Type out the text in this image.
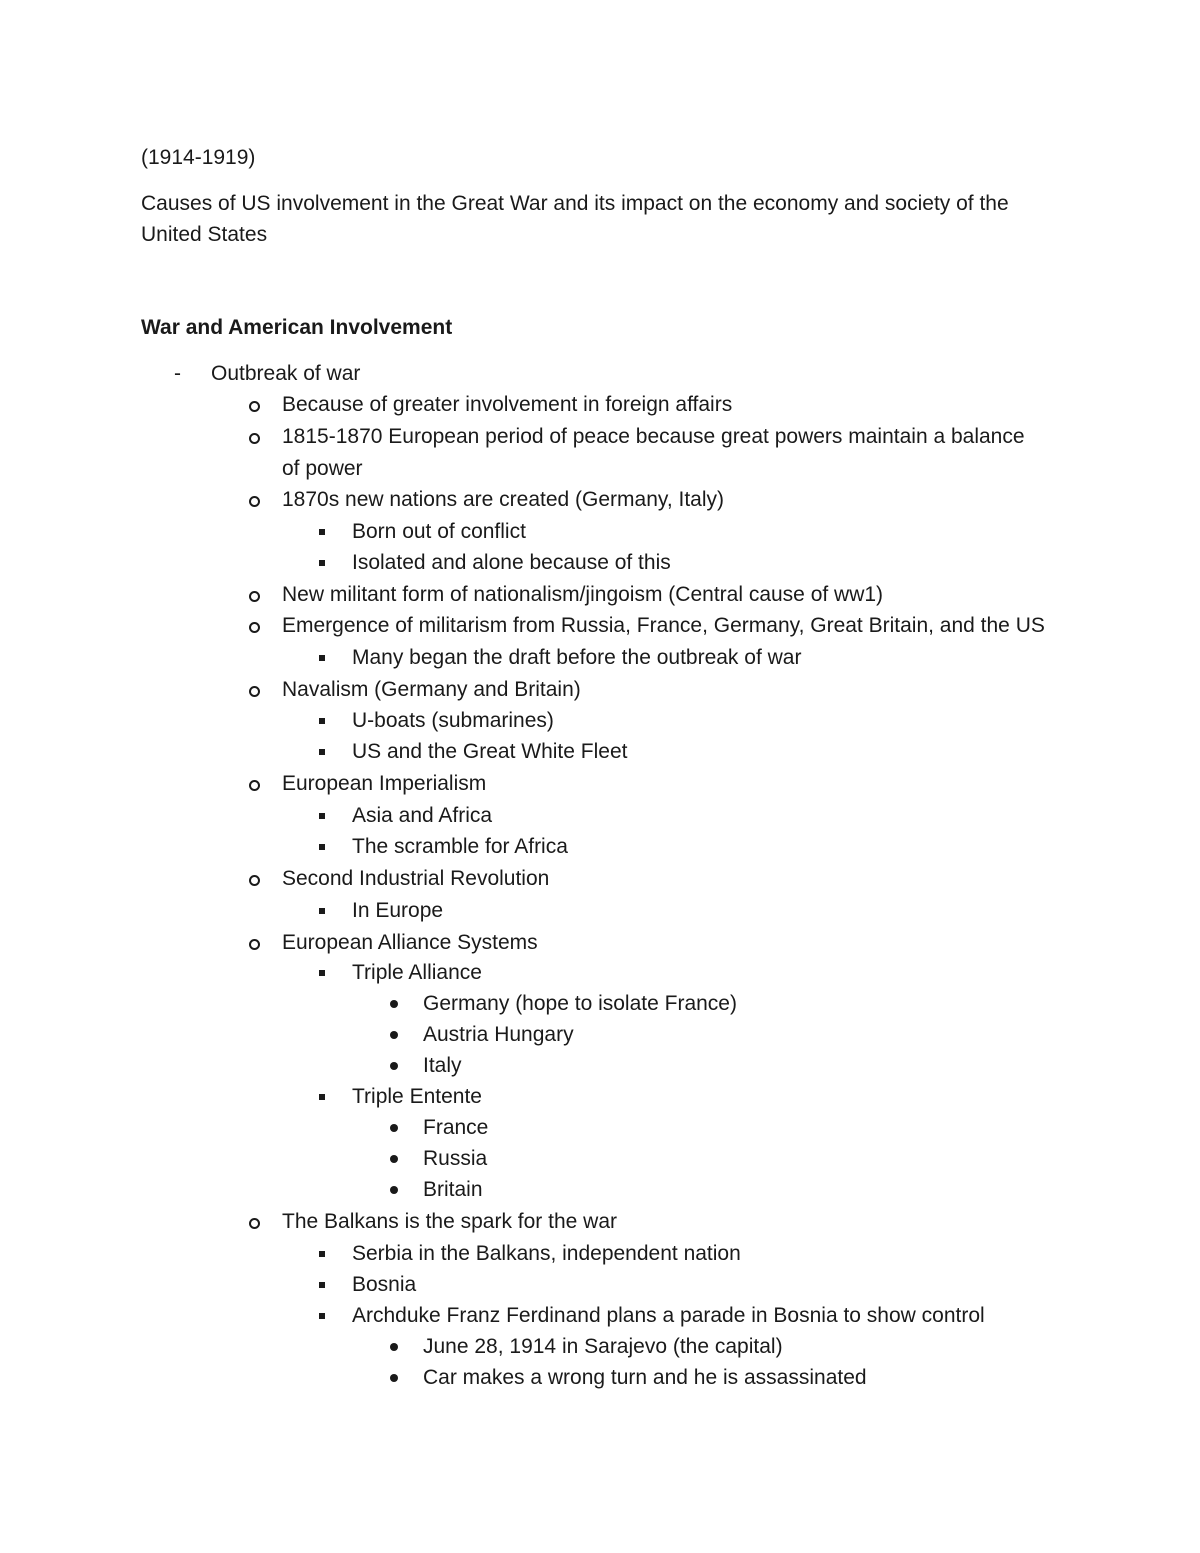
(1914-1919)
Causes of US involvement in the Great War and its impact on the economy and society of the
United States
War and American Involvement
- Outbreak of war
Because of greater involvement in foreign affairs
1815-1870 European period of peace because great powers maintain a balance
of power
1870s new nations are created (Germany, Italy)
Born out of conflict
Isolated and alone because of this
New militant form of nationalism/jingoism (Central cause of ww1)
Emergence of militarism from Russia, France, Germany, Great Britain, and the US
Many began the draft before the outbreak of war
Navalism (Germany and Britain)
U-boats (submarines)
US and the Great White Fleet
European Imperialism
Asia and Africa
The scramble for Africa
Second Industrial Revolution
In Europe
European Alliance Systems
Triple Alliance
Germany (hope to isolate France)
Austria Hungary
Italy
Triple Entente
France
Russia
Britain
The Balkans is the spark for the war
Serbia in the Balkans, independent nation
Bosnia
Archduke Franz Ferdinand plans a parade in Bosnia to show control
June 28, 1914 in Sarajevo (the capital)
Car makes a wrong turn and he is assassinated
